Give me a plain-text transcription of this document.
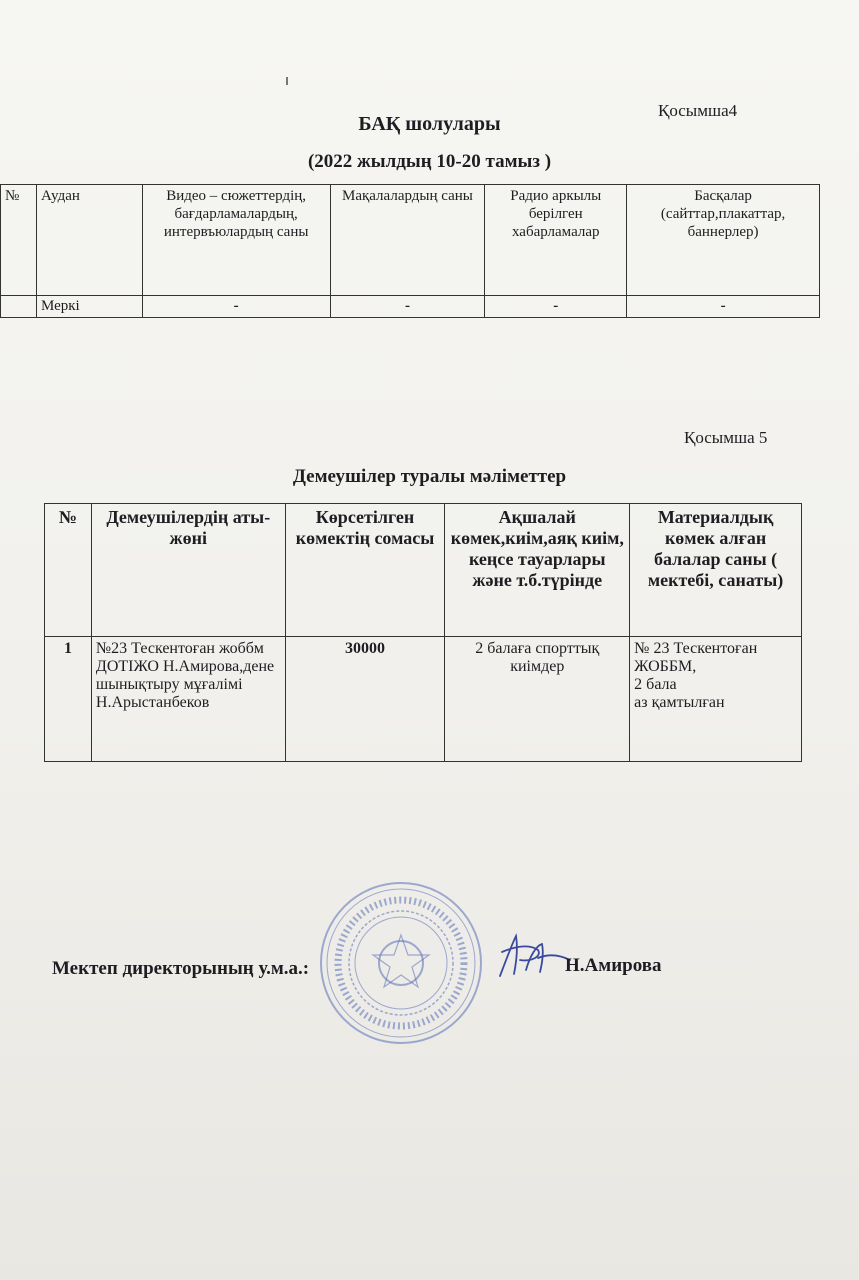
Қосымша4
БАҚ шолулары
(2022 жылдың 10-20 тамыз )
№	Аудан	Видео – сюжеттердің, бағдарламалардың, интервъюлардың саны	Мақалалардың саны	Радио аркылы берілген хабарламалар	Басқалар (сайттар,плакаттар, баннерлер)
	Меркі	-	-	-	-
Қосымша 5
Демеушілер туралы мәліметтер
№	Демеушілердің аты-жөні	Көрсетілген көмектің сомасы	Ақшалай көмек,киім,аяқ киім, кеңсе тауарлары және т.б.түрінде	Материалдық көмек алған балалар саны ( мектебі, санаты)
1	№23 Тескентоған жоббм ДОТІЖО Н.Амирова,дене шынықтыру мұғалімі Н.Арыстанбеков	30000	2 балаға спорттық киімдер	№ 23 Тескентоған ЖОББМ,
2 бала
аз қамтылған
Мектеп директорының у.м.а.:	Н.Амирова
